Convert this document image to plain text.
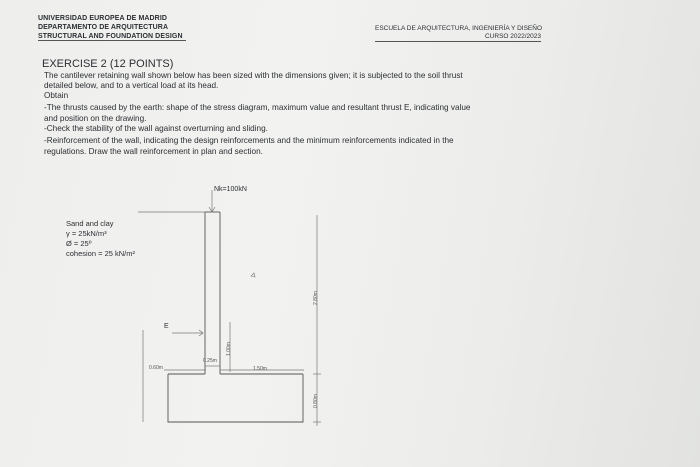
UNIVERSIDAD EUROPEA DE MADRID
DEPARTAMENTO DE ARQUITECTURA
STRUCTURAL AND FOUNDATION DESIGN
ESCUELA DE ARQUITECTURA, INGENIERÍA Y DISEÑO
CURSO 2022/2023
EXERCISE 2 (12 POINTS)
The cantilever retaining wall shown below has been sized with the dimensions given; it is subjected to the soil thrust
detailed below, and to a vertical load at its head.
Obtain
-The thrusts caused by the earth: shape of the stress diagram, maximum value and resultant thrust E, indicating value
and position on the drawing.
-Check the stability of the wall against overturning and sliding.
-Reinforcement of the wall, indicating the design reinforcements and the minimum reinforcements indicated in the
regulations. Draw the wall reinforcement in plan and section.
Sand and clay
γ = 25kN/m³
Ø = 25º
cohesion = 25 kN/m²
Nk=100kN
E
0.60m
0.25m
1.50m
1.00m
2.80m
0.80m
